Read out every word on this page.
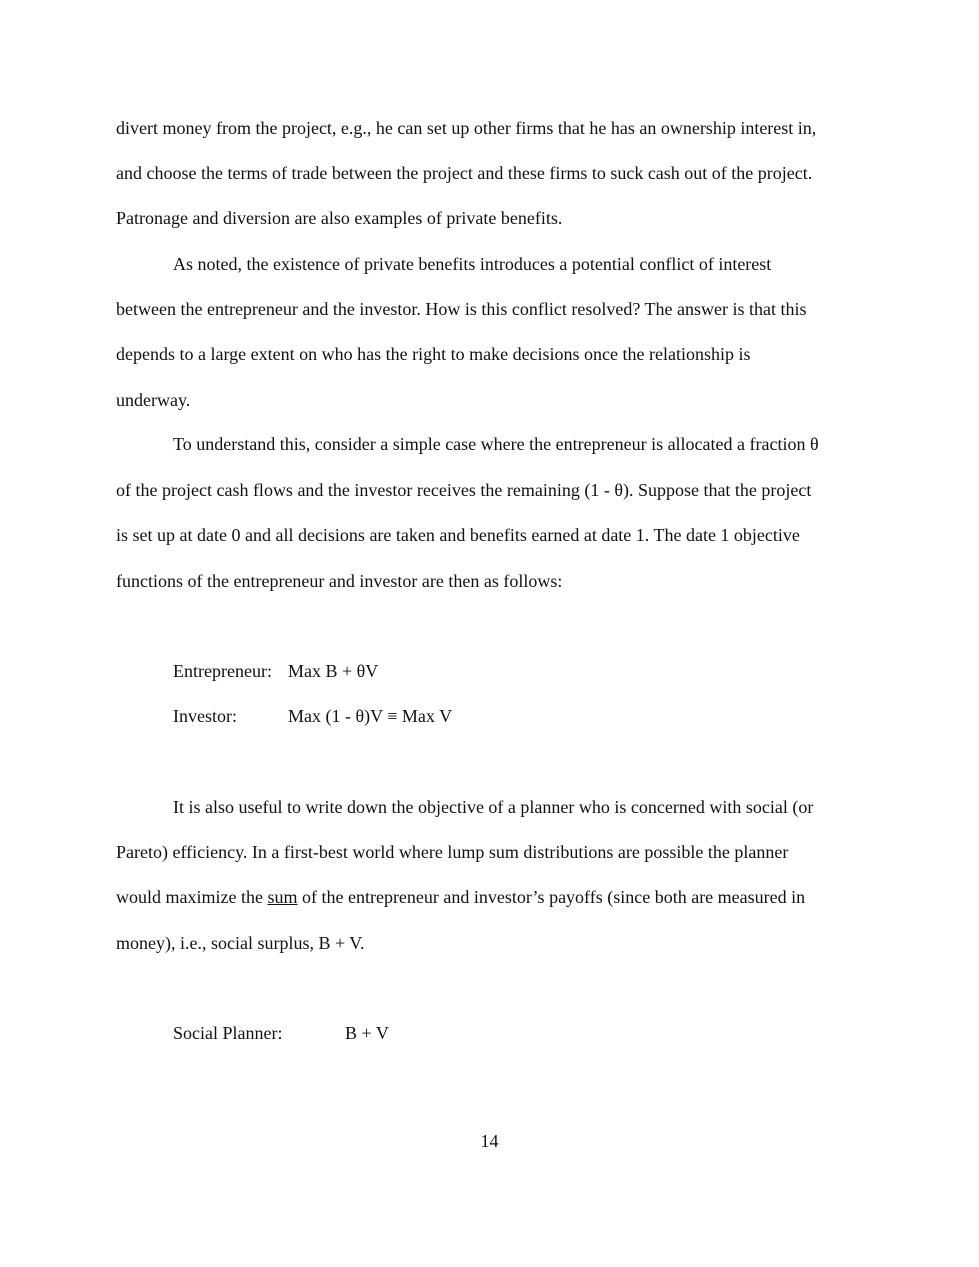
divert money from the project, e.g., he can set up other firms that he has an ownership interest in,
and choose the terms of trade between the project and these firms to suck cash out of the project.
Patronage and diversion are also examples of private benefits.
As noted, the existence of private benefits introduces a potential conflict of interest
between the entrepreneur and the investor. How is this conflict resolved? The answer is that this
depends to a large extent on who has the right to make decisions once the relationship is
underway.
To understand this, consider a simple case where the entrepreneur is allocated a fraction θ
of the project cash flows and the investor receives the remaining (1 - θ). Suppose that the project
is set up at date 0 and all decisions are taken and benefits earned at date 1. The date 1 objective
functions of the entrepreneur and investor are then as follows:
Entrepreneur: Max B + θV
Investor:	Max (1 - θ)V ≡ Max V
It is also useful to write down the objective of a planner who is concerned with social (or
Pareto) efficiency. In a first-best world where lump sum distributions are possible the planner
would maximize the sum of the entrepreneur and investor’s payoffs (since both are measured in
money), i.e., social surplus, B + V.
Social Planner:	B + V
14
